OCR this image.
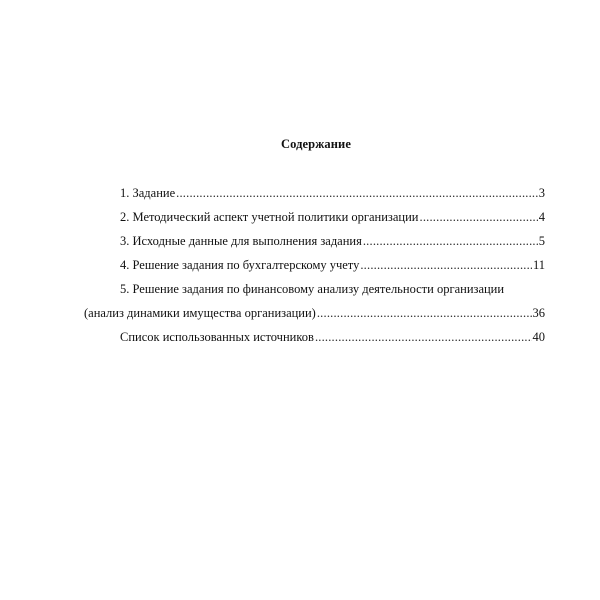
Содержание
1. Задание .....	3
2. Методический аспект учетной политики организации .....	4
3. Исходные данные для выполнения задания .....	5
4. Решение задания по бухгалтерскому учету .....	11
5. Решение задания по финансовому анализу деятельности организации
(анализ динамики имущества организации) .....	36
Список использованных источников .....	40
